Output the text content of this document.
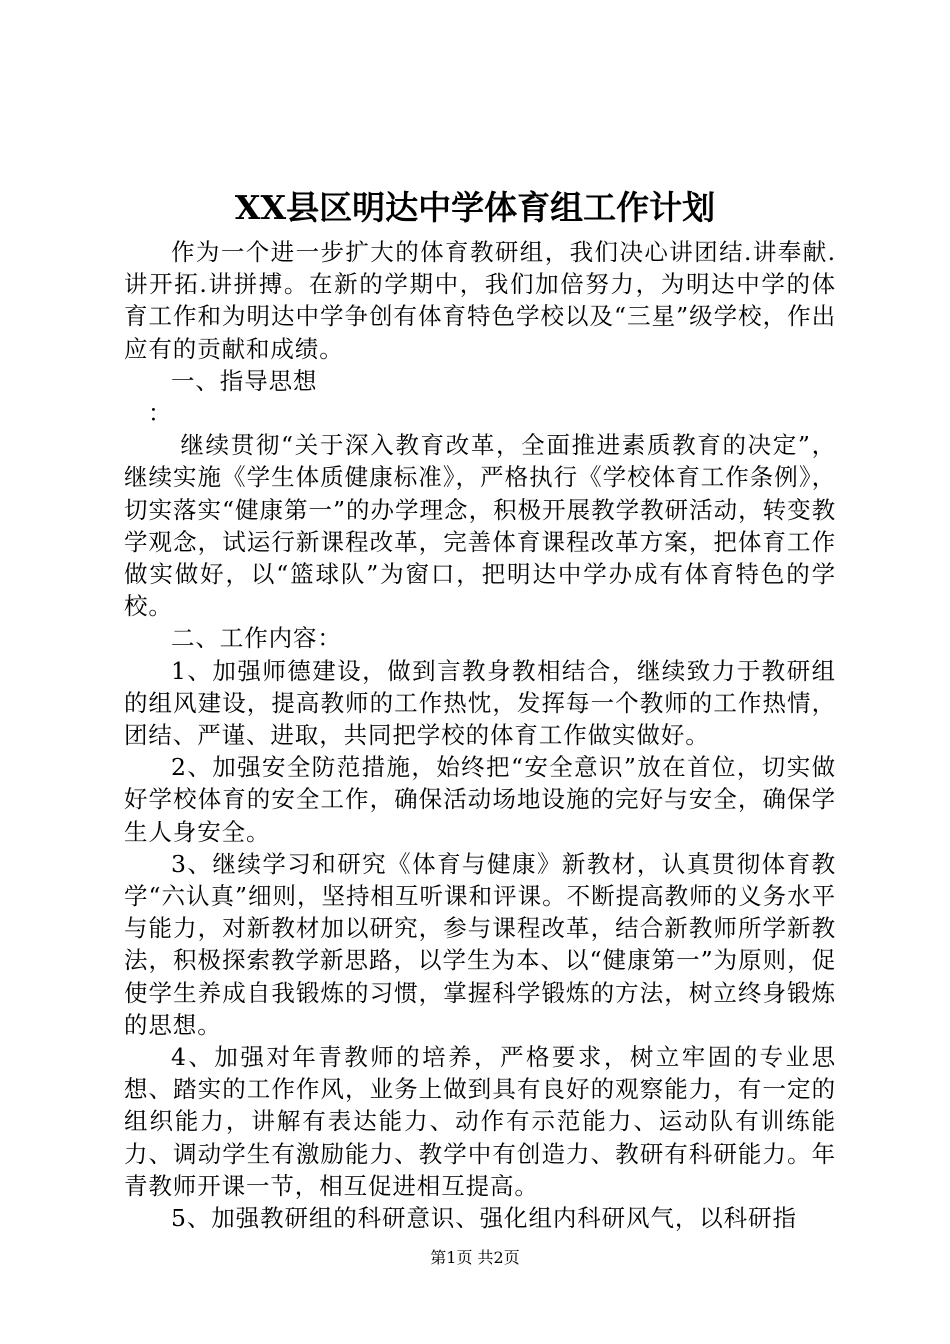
XX县区明达中学体育组工作计划

作为一个进一步扩大的体育教研组，我们决心讲团结.讲奉献.讲开拓.讲拼搏。在新的学期中，我们加倍努力，为明达中学的体育工作和为明达中学争创有体育特色学校以及“三星”级学校，作出应有的贡献和成绩。

一、指导思想

：

继续贯彻“关于深入教育改革，全面推进素质教育的决定”，继续实施《学生体质健康标准》，严格执行《学校体育工作条例》，切实落实“健康第一”的办学理念，积极开展教学教研活动，转变教学观念，试运行新课程改革，完善体育课程改革方案，把体育工作做实做好，以“篮球队”为窗口，把明达中学办成有体育特色的学校。

二、工作内容：

1、加强师德建设，做到言教身教相结合，继续致力于教研组的组风建设，提高教师的工作热忱，发挥每一个教师的工作热情，团结、严谨、进取，共同把学校的体育工作做实做好。

2、加强安全防范措施，始终把“安全意识”放在首位，切实做好学校体育的安全工作，确保活动场地设施的完好与安全，确保学生人身安全。

3、继续学习和研究《体育与健康》新教材，认真贯彻体育教学“六认真”细则，坚持相互听课和评课。不断提高教师的义务水平与能力，对新教材加以研究，参与课程改革，结合新教师所学新教法，积极探索教学新思路，以学生为本、以“健康第一”为原则，促使学生养成自我锻炼的习惯，掌握科学锻炼的方法，树立终身锻炼的思想。

4、加强对年青教师的培养，严格要求，树立牢固的专业思想、踏实的工作作风，业务上做到具有良好的观察能力，有一定的组织能力，讲解有表达能力、动作有示范能力、运动队有训练能力、调动学生有激励能力、教学中有创造力、教研有科研能力。年青教师开课一节，相互促进相互提高。

5、加强教研组的科研意识、强化组内科研风气，以科研指

第1页 共2页
